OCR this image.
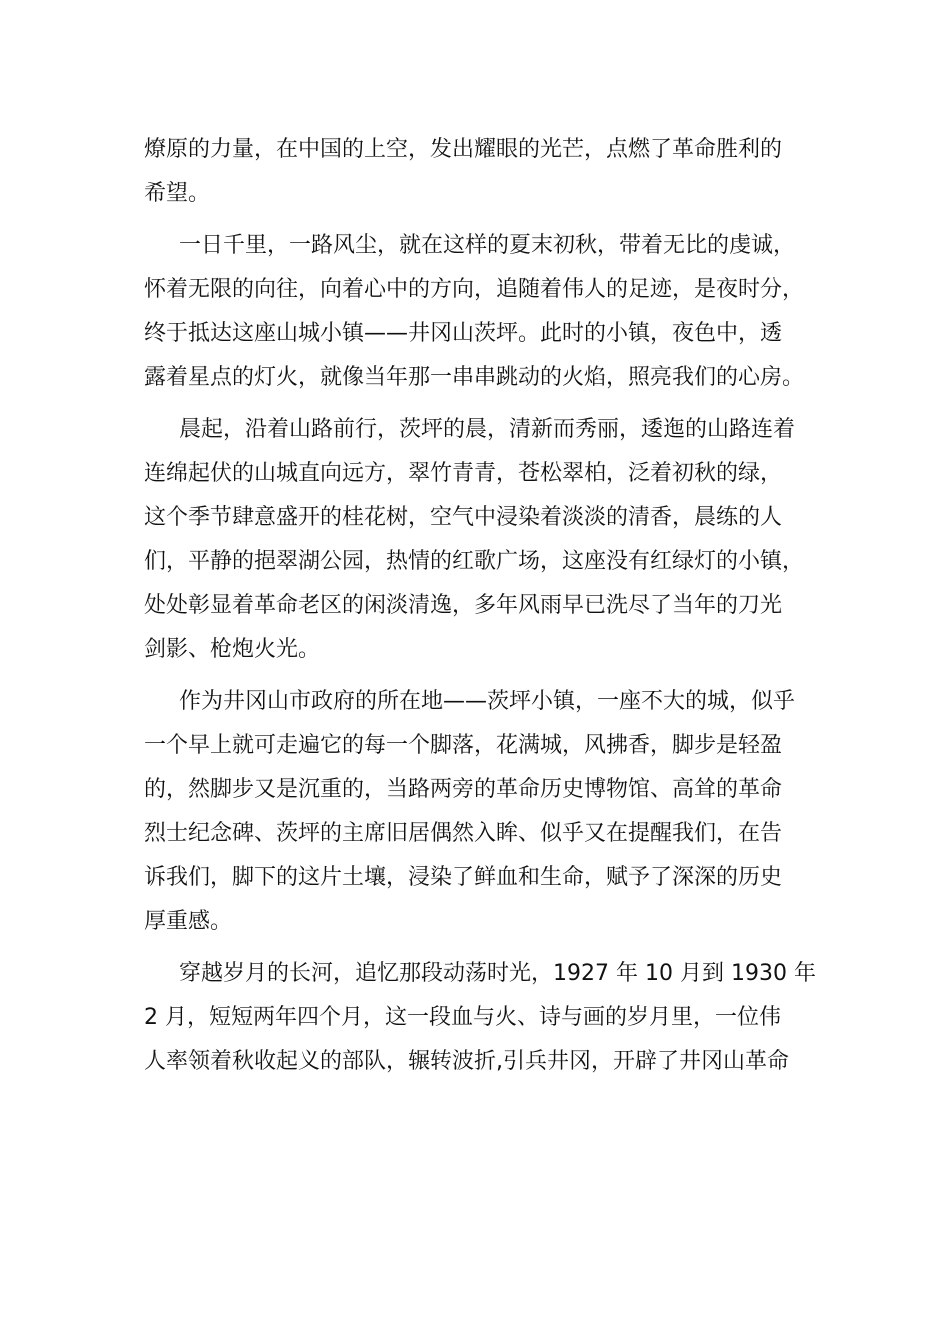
燎原的力量，在中国的上空，发出耀眼的光芒，点燃了革命胜利的
希望。
一日千里，一路风尘，就在这样的夏末初秋，带着无比的虔诚，
怀着无限的向往，向着心中的方向，追随着伟人的足迹，是夜时分，
终于抵达这座山城小镇——井冈山茨坪。此时的小镇，夜色中，透
露着星点的灯火，就像当年那一串串跳动的火焰，照亮我们的心房。
晨起，沿着山路前行，茨坪的晨，清新而秀丽，逶迤的山路连着
连绵起伏的山城直向远方，翠竹青青，苍松翠柏，泛着初秋的绿，
这个季节肆意盛开的桂花树，空气中浸染着淡淡的清香，晨练的人
们，平静的挹翠湖公园，热情的红歌广场，这座没有红绿灯的小镇，
处处彰显着革命老区的闲淡清逸，多年风雨早已洗尽了当年的刀光
剑影、枪炮火光。
作为井冈山市政府的所在地——茨坪小镇，一座不大的城，似乎
一个早上就可走遍它的每一个脚落，花满城，风拂香，脚步是轻盈
的，然脚步又是沉重的，当路两旁的革命历史博物馆、高耸的革命
烈士纪念碑、茨坪的主席旧居偶然入眸、似乎又在提醒我们，在告
诉我们，脚下的这片土壤，浸染了鲜血和生命，赋予了深深的历史
厚重感。
穿越岁月的长河，追忆那段动荡时光，1927 年 10 月到 1930 年
2 月，短短两年四个月，这一段血与火、诗与画的岁月里，一位伟
人率领着秋收起义的部队，辗转波折,引兵井冈，开辟了井冈山革命
